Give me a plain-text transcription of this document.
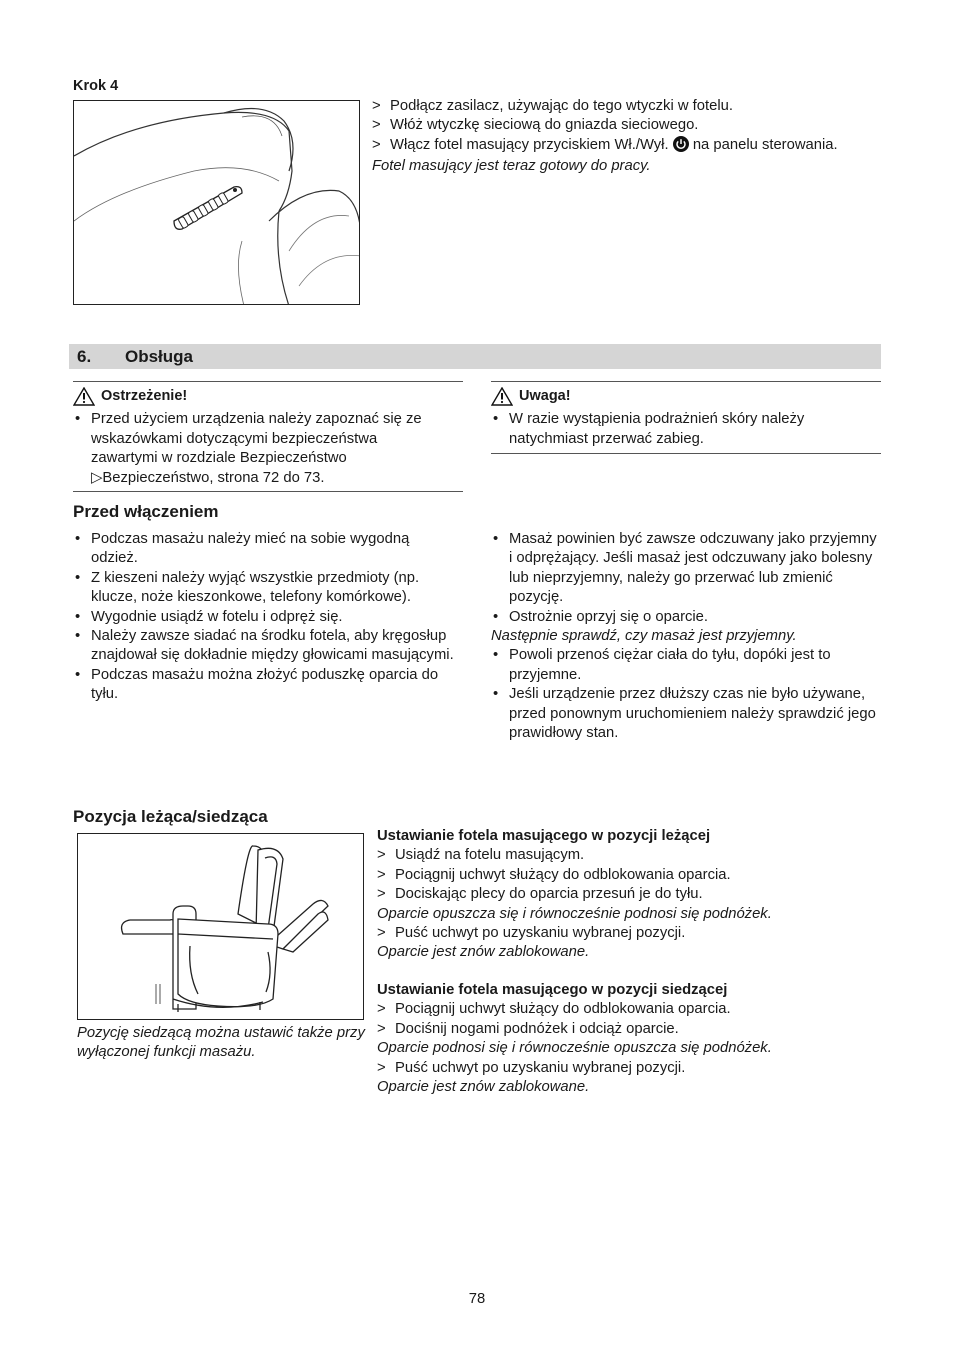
Krok 4
> Podłącz zasilacz, używając do tego wtyczki w fotelu.
> Włóż wtyczkę sieciową do gniazda sieciowego.
> Włącz fotel masujący przyciskiem Wł./Wył. na panelu sterowania.
Fotel masujący jest teraz gotowy do pracy.
6. Obsługa
Ostrzeżenie!
• Przed użyciem urządzenia należy zapoznać się ze wskazówkami dotyczącymi bezpieczeństwa zawartymi w rozdziale Bezpieczeństwo
▷Bezpieczeństwo, strona 72 do 73.
Uwaga!
• W razie wystąpienia podrażnień skóry należy natychmiast przerwać zabieg.
Przed włączeniem
• Podczas masażu należy mieć na sobie wygodną odzież.
• Z kieszeni należy wyjąć wszystkie przedmioty (np. klucze, noże kieszonkowe, telefony komórkowe).
• Wygodnie usiądź w fotelu i odpręż się.
• Należy zawsze siadać na środku fotela, aby kręgosłup znajdował się dokładnie między głowicami masującymi.
• Podczas masażu można złożyć poduszkę oparcia do tyłu.
• Masaż powinien być zawsze odczuwany jako przyjemny i odprężający. Jeśli masaż jest odczuwany jako bolesny lub nieprzyjemny, należy go przerwać lub zmienić pozycję.
• Ostrożnie oprzyj się o oparcie.
Następnie sprawdź, czy masaż jest przyjemny.
• Powoli przenoś ciężar ciała do tyłu, dopóki jest to przyjemne.
• Jeśli urządzenie przez dłuższy czas nie było używane, przed ponownym uruchomieniem należy sprawdzić jego prawidłowy stan.
Pozycja leżąca/siedząca
Pozycję siedzącą można ustawić także przy wyłączonej funkcji masażu.
Ustawianie fotela masującego w pozycji leżącej
> Usiądź na fotelu masującym.
> Pociągnij uchwyt służący do odblokowania oparcia.
> Dociskając plecy do oparcia przesuń je do tyłu.
Oparcie opuszcza się i równocześnie podnosi się podnóżek.
> Puść uchwyt po uzyskaniu wybranej pozycji.
Oparcie jest znów zablokowane.
Ustawianie fotela masującego w pozycji siedzącej
> Pociągnij uchwyt służący do odblokowania oparcia.
> Dociśnij nogami podnóżek i odciąż oparcie.
Oparcie podnosi się i równocześnie opuszcza się podnóżek.
> Puść uchwyt po uzyskaniu wybranej pozycji.
Oparcie jest znów zablokowane.
78
